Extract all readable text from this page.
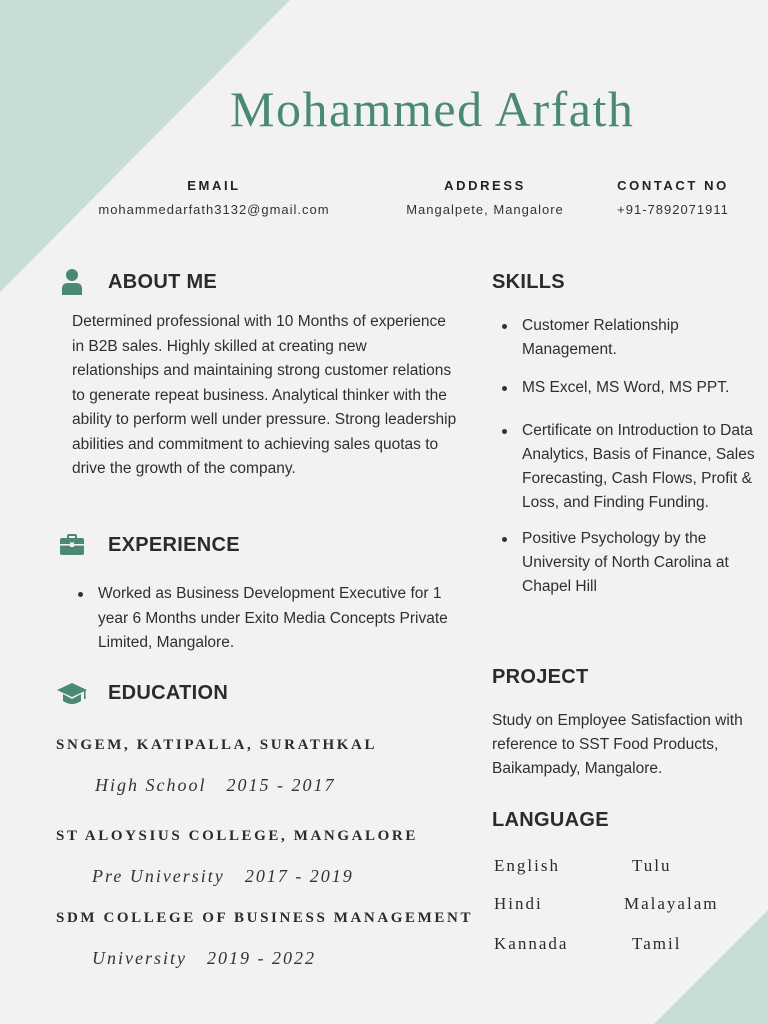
Mohammed Arfath
EMAIL
mohammedarfath3132@gmail.com
ADDRESS
Mangalpete, Mangalore
CONTACT NO
+91-7892071911
ABOUT ME
Determined professional with 10 Months of experience in B2B sales. Highly skilled at creating new relationships and maintaining strong customer relations to generate repeat business. Analytical thinker with the ability to perform well under pressure. Strong leadership abilities and commitment to achieving sales quotas to drive the growth of the company.
EXPERIENCE
Worked as Business Development Executive for 1 year 6 Months under Exito Media Concepts Private Limited, Mangalore.
EDUCATION
SNGEM, KATIPALLA, SURATHKAL
High School 2015 - 2017
ST ALOYSIUS COLLEGE, MANGALORE
Pre University 2017 - 2019
SDM COLLEGE OF BUSINESS MANAGEMENT
University 2019 - 2022
SKILLS
Customer Relationship Management.
MS Excel, MS Word, MS PPT.
Certificate on Introduction to Data Analytics, Basis of Finance, Sales Forecasting, Cash Flows, Profit & Loss, and Finding Funding.
Positive Psychology by the University of North Carolina at Chapel Hill
PROJECT
Study on Employee Satisfaction with reference to SST Food Products, Baikampady, Mangalore.
LANGUAGE
English	Tulu
Hindi	Malayalam
Kannada	Tamil
